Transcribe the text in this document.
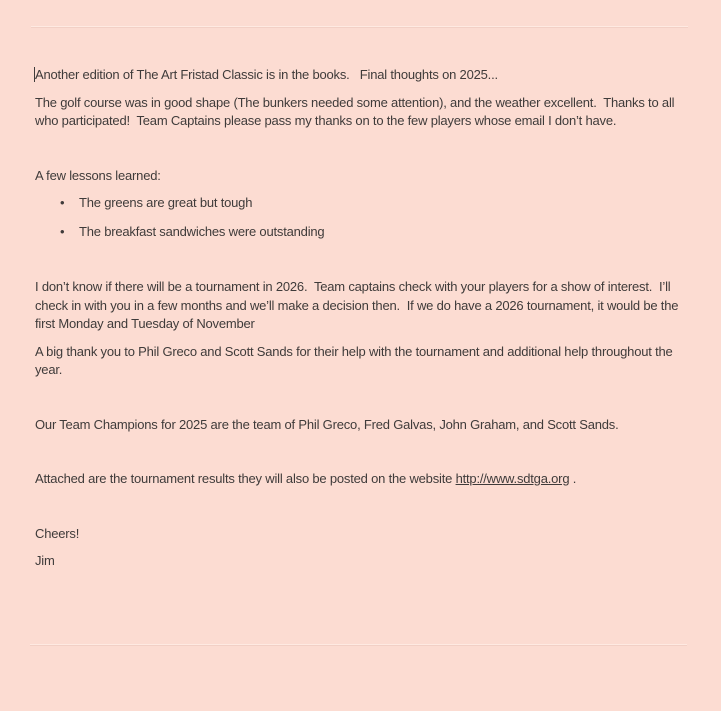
Another edition of The Art Fristad Classic is in the books.   Final thoughts on 2025...

The golf course was in good shape (The bunkers needed some attention), and the weather excellent.  Thanks to all who participated!  Team Captains please pass my thanks on to the few players whose email I don’t have.

A few lessons learned:

• The greens are great but tough
• The breakfast sandwiches were outstanding

I don’t know if there will be a tournament in 2026.  Team captains check with your players for a show of interest.  I’ll check in with you in a few months and we’ll make a decision then.  If we do have a 2026 tournament, it would be the first Monday and Tuesday of November

A big thank you to Phil Greco and Scott Sands for their help with the tournament and additional help throughout the year.

Our Team Champions for 2025 are the team of Phil Greco, Fred Galvas, John Graham, and Scott Sands.

Attached are the tournament results they will also be posted on the website http://www.sdtga.org .

Cheers!

Jim
